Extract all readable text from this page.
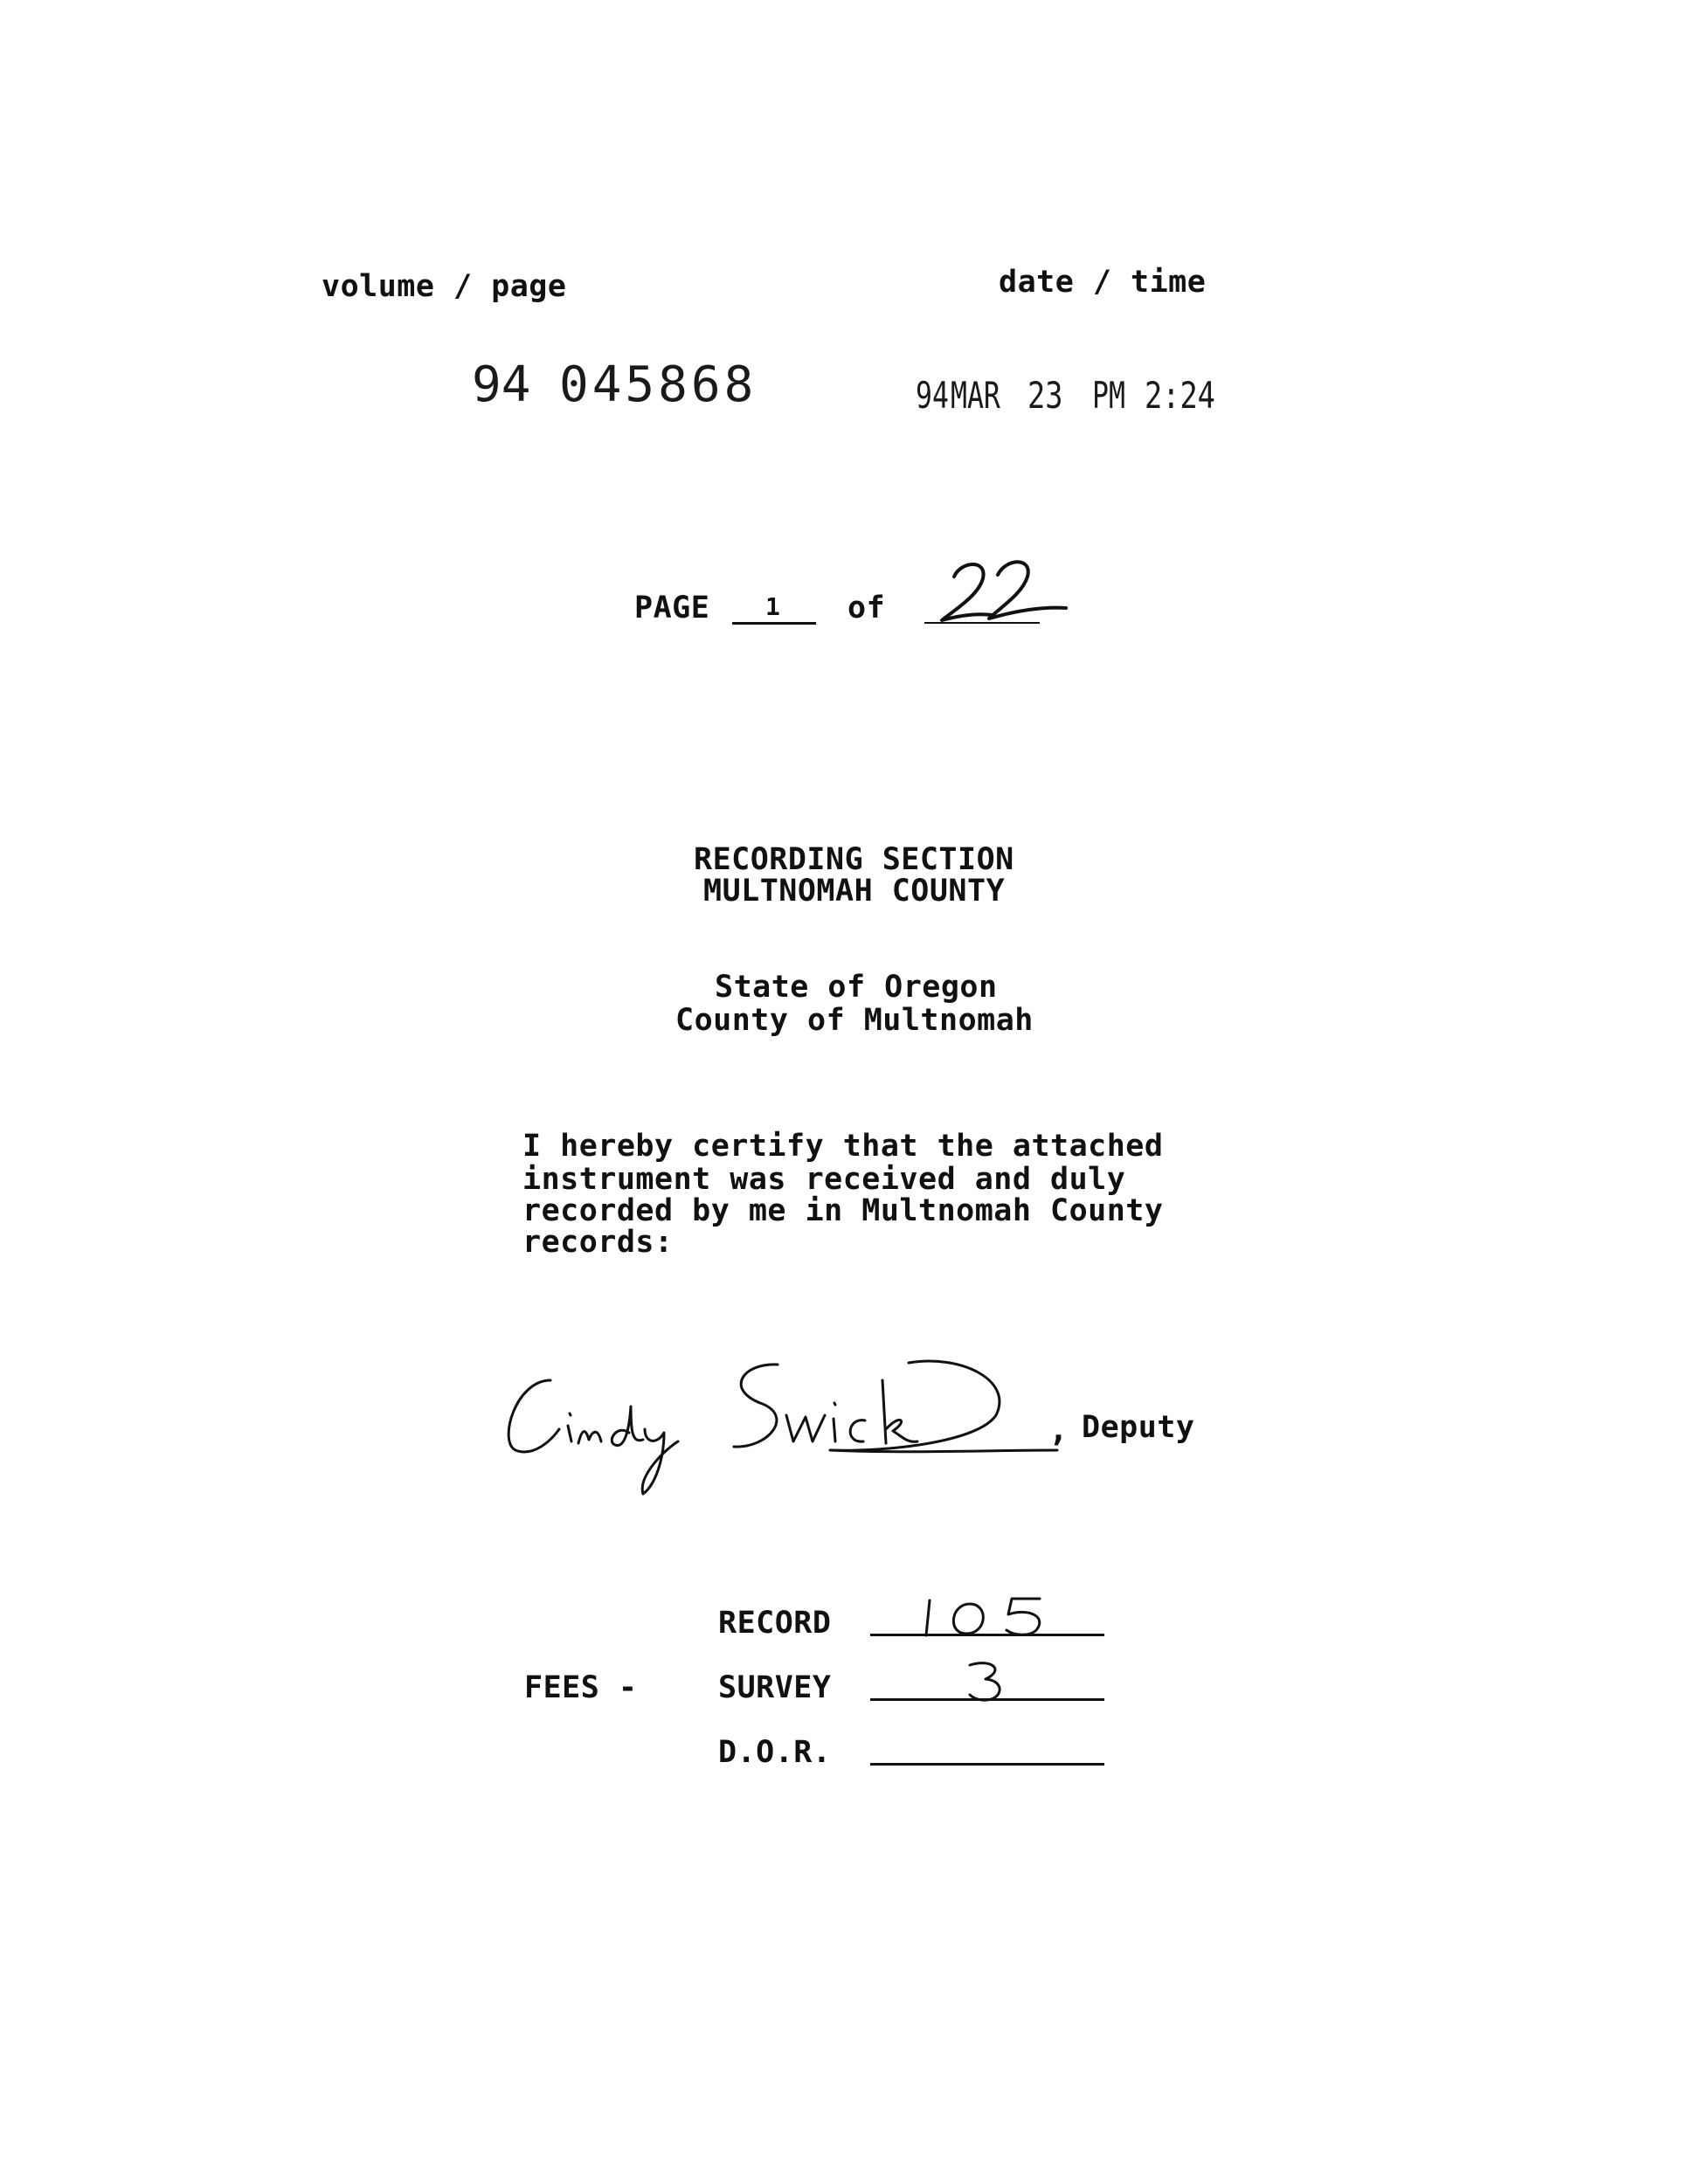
volume / page	date / time
94 045868

	94

MAR

23

PM

2:24

PAGE 1 of
RECORDING SECTION
MULTNOMAH COUNTY
State of Oregon
County of Multnomah
I hereby certify that the attached
instrument was received and duly
recorded by me in Multnomah County
records:
, Deputy
FEES -
RECORD
SURVEY
D.O.R.
